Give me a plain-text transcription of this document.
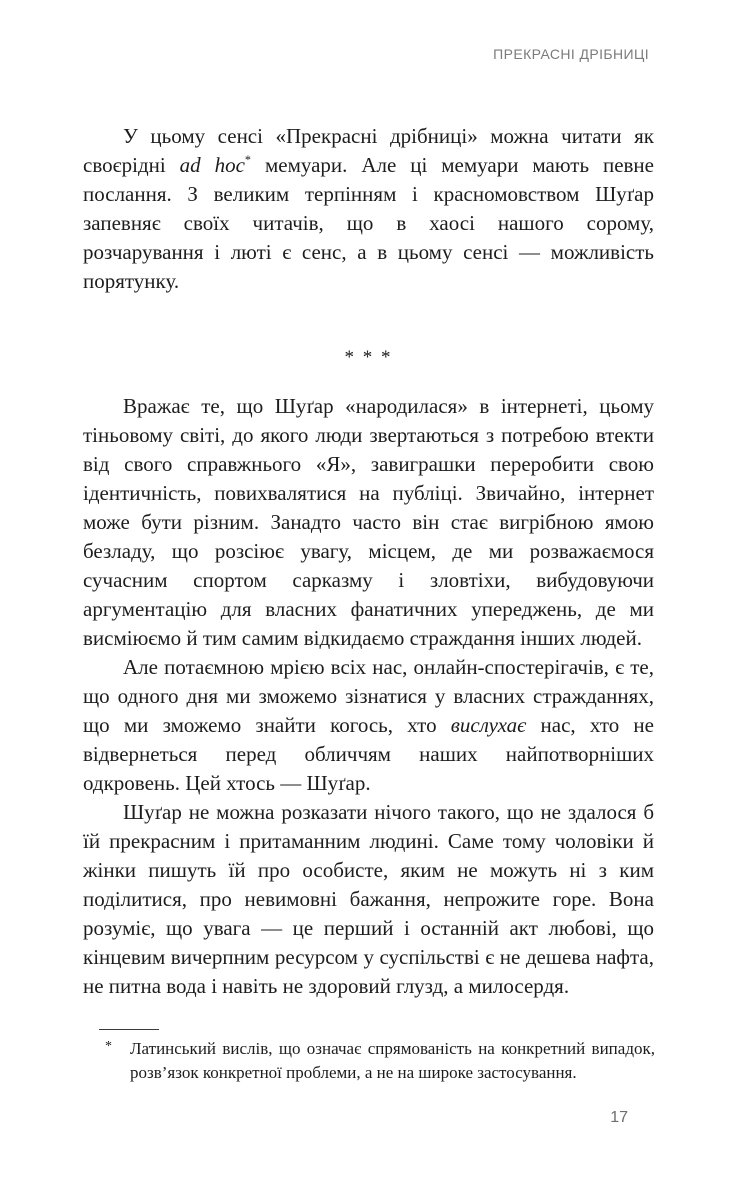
ПРЕКРАСНІ ДРІБНИЦІ

У цьому сенсі «Прекрасні дрібниці» можна читати як своєрідні ad hoc* мемуари. Але ці мемуари мають певне послання. З великим терпінням і красномовством Шуґар запевняє своїх читачів, що в хаосі нашого сорому, розчарування і люті є сенс, а в цьому сенсі — можливість порятунку.

* * *

Вражає те, що Шуґар «народилася» в інтернеті, цьому тіньовому світі, до якого люди звертаються з потребою втекти від свого справжнього «Я», завиграшки переробити свою ідентичність, повихвалятися на публіці. Звичайно, інтернет може бути різним. Занадто часто він стає вигрібною ямою безладу, що розсіює увагу, місцем, де ми розважаємося сучасним спортом сарказму і зловтіхи, вибудовуючи аргументацію для власних фанатичних упереджень, де ми висміюємо й тим самим відкидаємо страждання інших людей.

Але потаємною мрією всіх нас, онлайн-спостерігачів, є те, що одного дня ми зможемо зізнатися у власних стражданнях, що ми зможемо знайти когось, хто вислухає нас, хто не відвернеться перед обличчям наших найпотворніших одкровень. Цей хтось — Шуґар.

Шуґар не можна розказати нічого такого, що не здалося б їй прекрасним і притаманним людині. Саме тому чоловіки й жінки пишуть їй про особисте, яким не можуть ні з ким поділитися, про невимовні бажання, непрожите горе. Вона розуміє, що увага — це перший і останній акт любові, що кінцевим вичерпним ресурсом у суспільстві є не дешева нафта, не питна вода і навіть не здоровий глузд, а милосердя.

*	Латинський вислів, що означає спрямованість на конкретний випадок, розв’язок конкретної проблеми, а не на широке застосування.
17
